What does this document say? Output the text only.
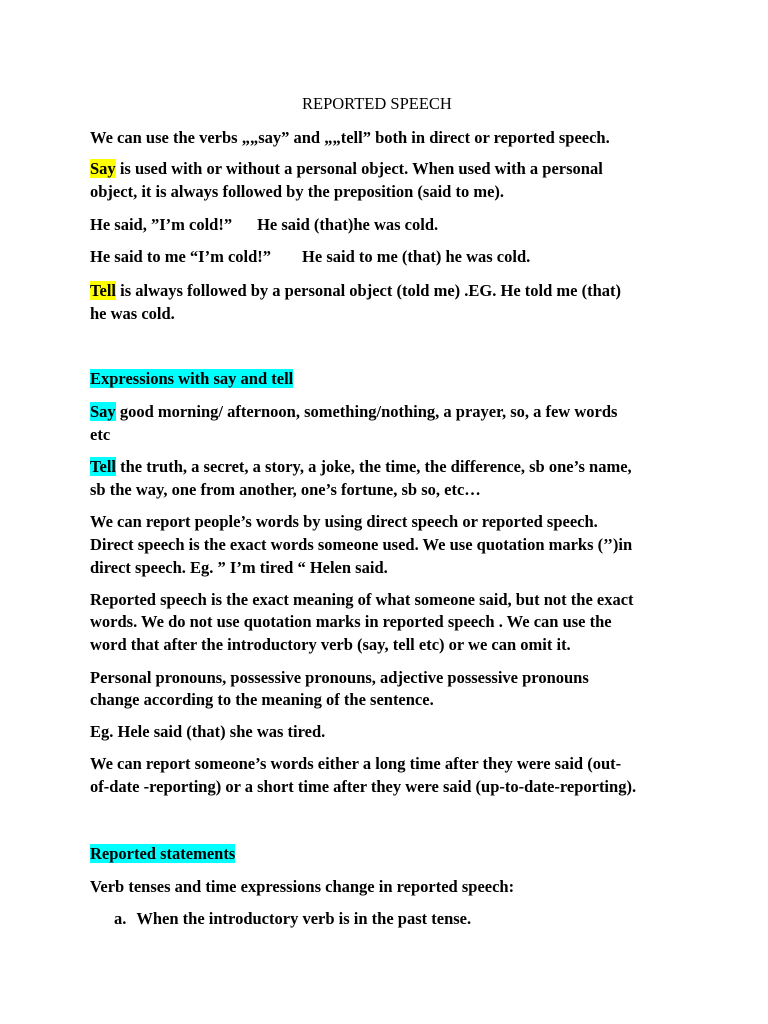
REPORTED SPEECH
We can use the verbs „„say” and „„tell” both in direct or reported speech.
Say is used with or without a personal object. When used with a personal
object, it is always followed by the preposition (said to me).
He said, ”I’m cold!” He said (that)he was cold.
He said to me “I’m cold!” He said to me (that) he was cold.
Tell is always followed by a personal object (told me) .EG. He told me (that)
he was cold.
Expressions with say and tell
Say good morning/ afternoon, something/nothing, a prayer, so, a few words
etc
Tell the truth, a secret, a story, a joke, the time, the difference, sb one’s name,
sb the way, one from another, one’s fortune, sb so, etc…
We can report people’s words by using direct speech or reported speech.
Direct speech is the exact words someone used. We use quotation marks (’’)in
direct speech. Eg. ” I’m tired “ Helen said.
Reported speech is the exact meaning of what someone said, but not the exact
words. We do not use quotation marks in reported speech . We can use the
word that after the introductory verb (say, tell etc) or we can omit it.
Personal pronouns, possessive pronouns, adjective possessive pronouns
change according to the meaning of the sentence.
Eg. Hele said (that) she was tired.
We can report someone’s words either a long time after they were said (out-
of-date -reporting) or a short time after they were said (up-to-date-reporting).
Reported statements
Verb tenses and time expressions change in reported speech:
a. When the introductory verb is in the past tense.
